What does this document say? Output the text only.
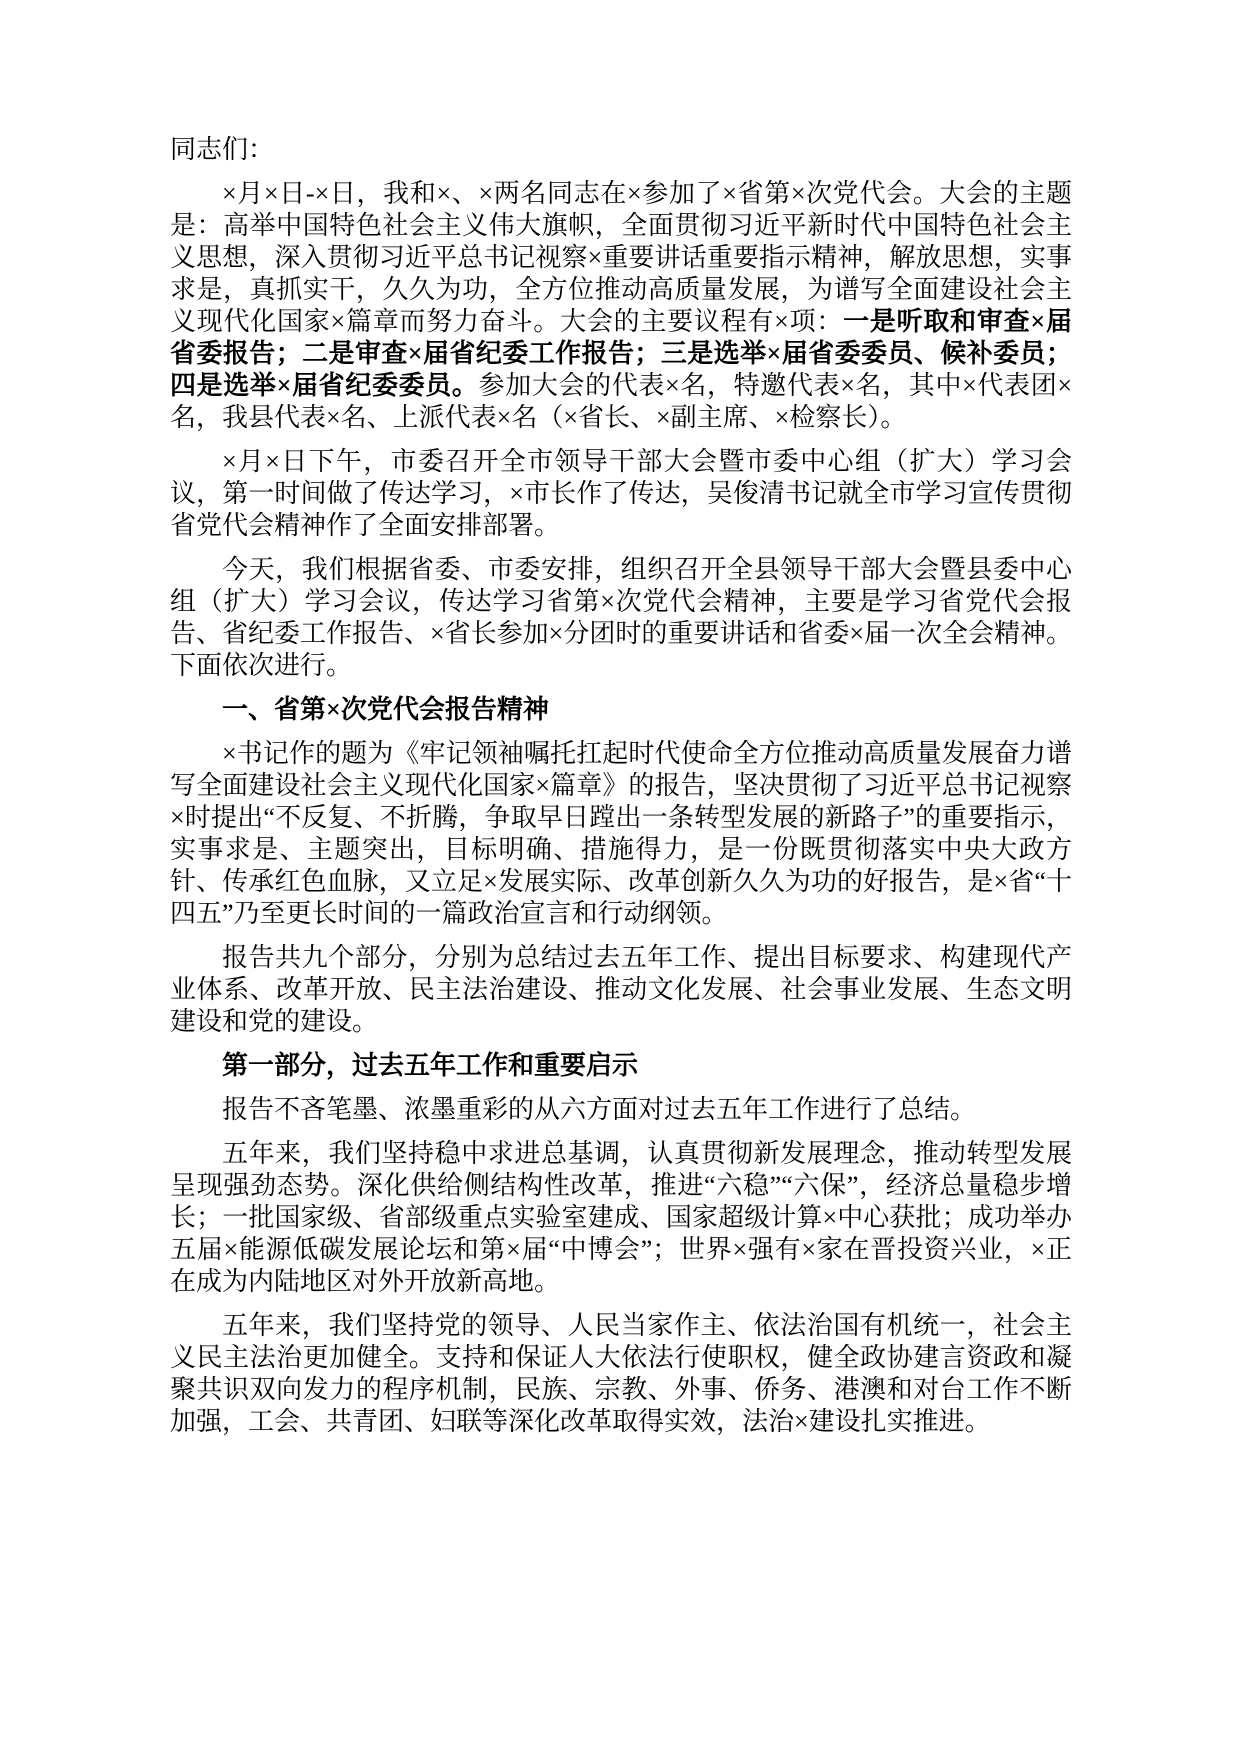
同志们：

×月×日-×日，我和×、×两名同志在×参加了×省第×次党代会。大会的主题是：高举中国特色社会主义伟大旗帜，全面贯彻习近平新时代中国特色社会主义思想，深入贯彻习近平总书记视察×重要讲话重要指示精神，解放思想，实事求是，真抓实干，久久为功，全方位推动高质量发展，为谱写全面建设社会主义现代化国家×篇章而努力奋斗。大会的主要议程有×项：一是听取和审查×届省委报告；二是审查×届省纪委工作报告；三是选举×届省委委员、候补委员；四是选举×届省纪委委员。参加大会的代表×名，特邀代表×名，其中×代表团×名，我县代表×名、上派代表×名（×省长、×副主席、×检察长）。

×月×日下午，市委召开全市领导干部大会暨市委中心组（扩大）学习会议，第一时间做了传达学习，×市长作了传达，吴俊清书记就全市学习宣传贯彻省党代会精神作了全面安排部署。

今天，我们根据省委、市委安排，组织召开全县领导干部大会暨县委中心组（扩大）学习会议，传达学习省第×次党代会精神，主要是学习省党代会报告、省纪委工作报告、×省长参加×分团时的重要讲话和省委×届一次全会精神。下面依次进行。

一、省第×次党代会报告精神

×书记作的题为《牢记领袖嘱托扛起时代使命全方位推动高质量发展奋力谱写全面建设社会主义现代化国家×篇章》的报告，坚决贯彻了习近平总书记视察×时提出“不反复、不折腾，争取早日蹚出一条转型发展的新路子”的重要指示，实事求是、主题突出，目标明确、措施得力，是一份既贯彻落实中央大政方针、传承红色血脉，又立足×发展实际、改革创新久久为功的好报告，是×省“十四五”乃至更长时间的一篇政治宣言和行动纲领。

报告共九个部分，分别为总结过去五年工作、提出目标要求、构建现代产业体系、改革开放、民主法治建设、推动文化发展、社会事业发展、生态文明建设和党的建设。

第一部分，过去五年工作和重要启示

报告不吝笔墨、浓墨重彩的从六方面对过去五年工作进行了总结。

五年来，我们坚持稳中求进总基调，认真贯彻新发展理念，推动转型发展呈现强劲态势。深化供给侧结构性改革，推进“六稳”“六保”，经济总量稳步增长；一批国家级、省部级重点实验室建成、国家超级计算×中心获批；成功举办五届×能源低碳发展论坛和第×届“中博会”；世界×强有×家在晋投资兴业，×正在成为内陆地区对外开放新高地。

五年来，我们坚持党的领导、人民当家作主、依法治国有机统一，社会主义民主法治更加健全。支持和保证人大依法行使职权，健全政协建言资政和凝聚共识双向发力的程序机制，民族、宗教、外事、侨务、港澳和对台工作不断加强，工会、共青团、妇联等深化改革取得实效，法治×建设扎实推进。
